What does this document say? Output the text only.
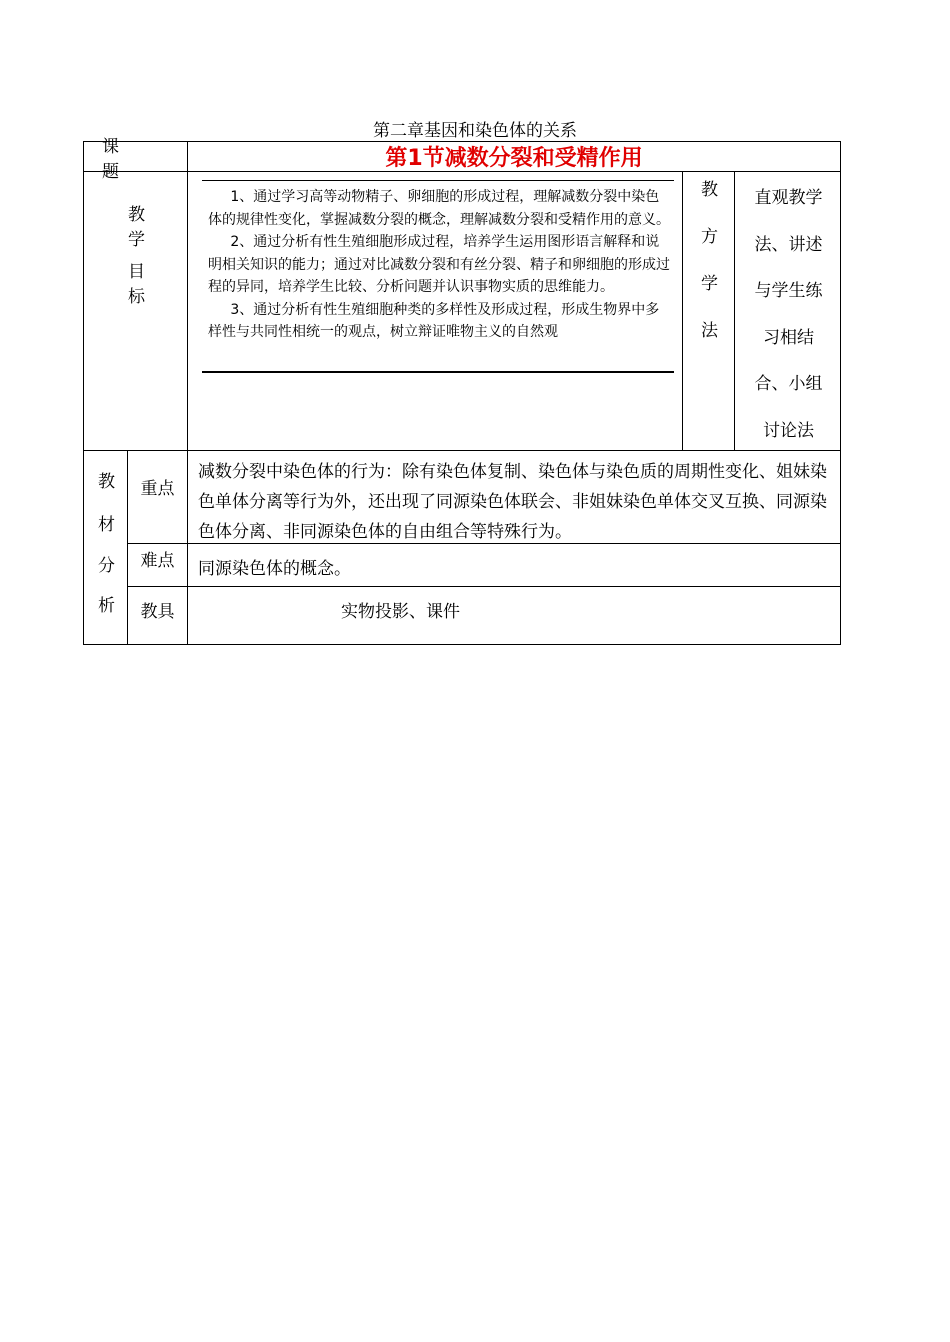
第二章基因和染色体的关系
课 题
第1节 减数分裂和受精作用
教 学
目 标

1、通过学习高等动物精子、卵细胞的形成过程，理解减数分裂中染色体的规律性变化，掌握减数分裂的概念，理解减数分裂和受精作用的意义。

2、通过分析有性生殖细胞形成过程，培养学生运用图形语言解释和说明相关知识的能力；通过对比减数分裂和有丝分裂、精子和卵细胞的形成过程的异同，培养学生比较、分析问题并认识事物实质的思维能力。

3、通过分析有性生殖细胞种类的多样性及形成过程，形成生物界中多样性与共同性相统一的观点，树立辩证唯物主义的自然观

教
方
学
法
直观教学
法、讲述
与学生练
习相结
合、小组
讨论法
教
材
分
析
重点
减数分裂中染色体的行为：除有染色体复制、染色体与染色质的周期性变化、姐妹染色单体分离等行为外，还出现了同源染色体联会、非姐妹染色单体交叉互换、同源染色体分离、非同源染色体的自由组合等特殊行为。
难点	同源染色体的概念。
教具	实物投影、课件
